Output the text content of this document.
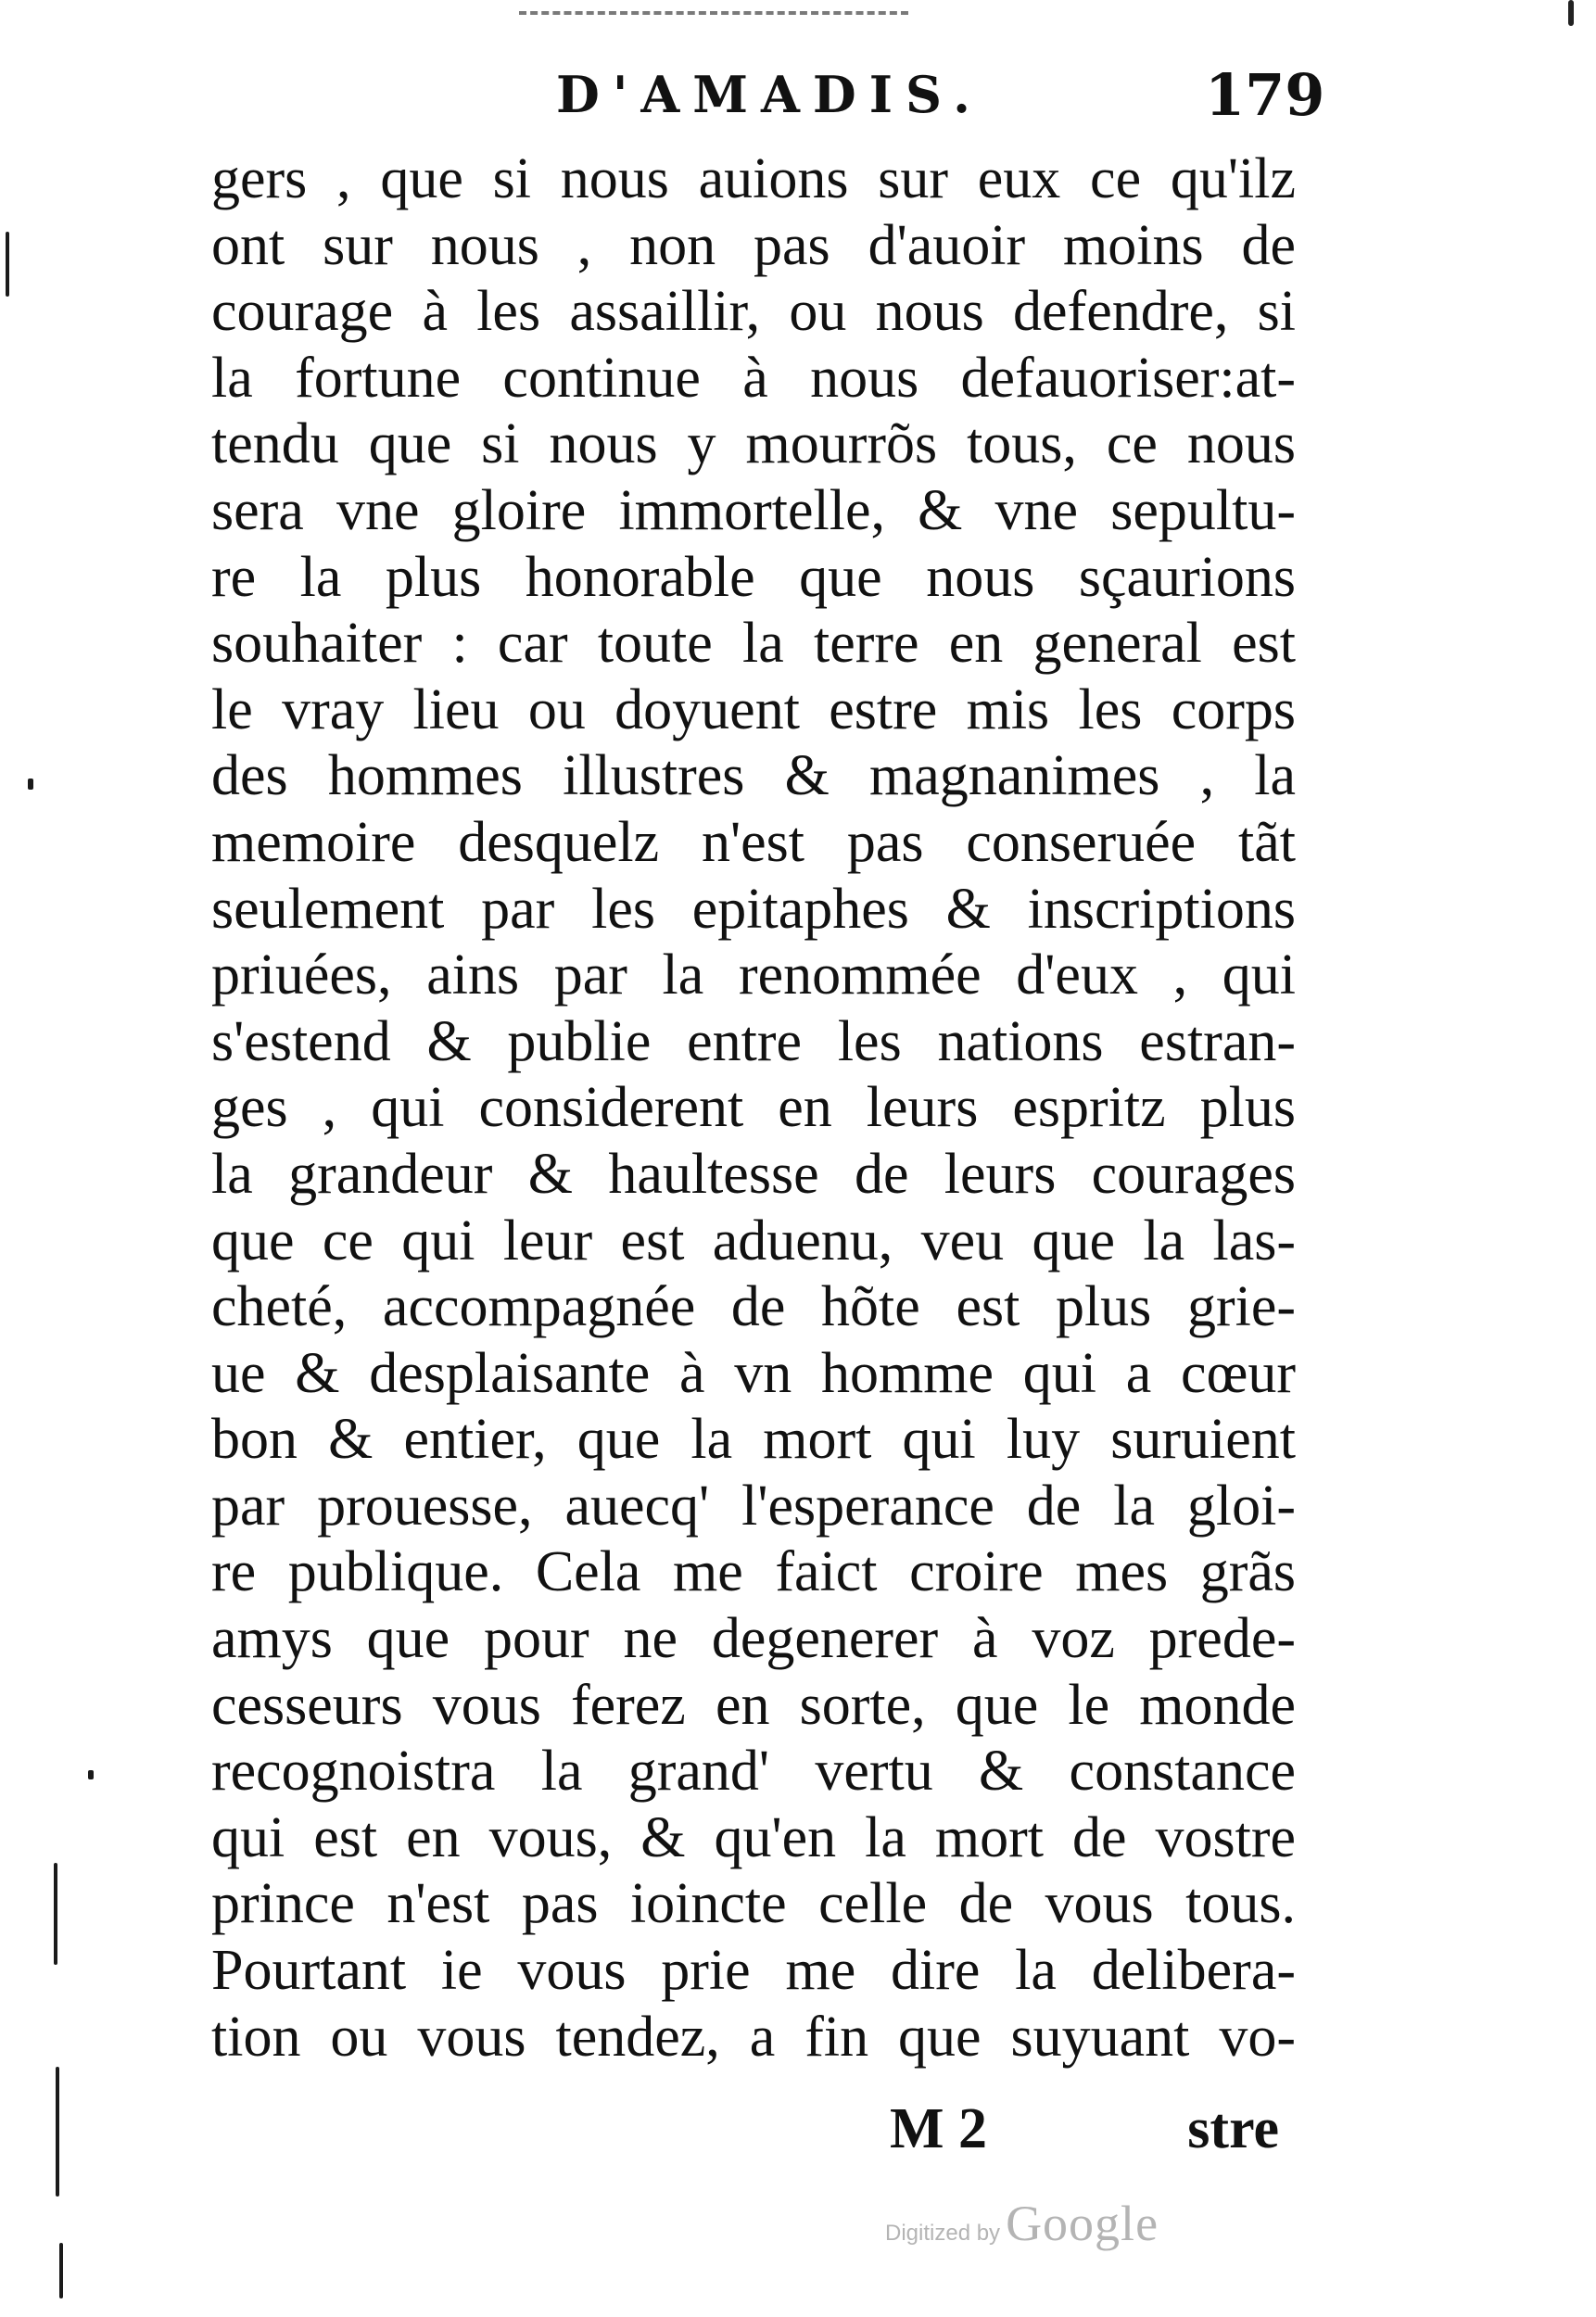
D'AMADIS.	179
gers , que si nous auions sur eux ce qu'ilz
ont sur nous , non pas d'auoir moins de
courage à les assaillir, ou nous defendre, si
la fortune continue à nous defauoriser:at-
tendu que si nous y mourrõs tous, ce nous
sera vne gloire immortelle, & vne sepultu-
re la plus honorable que nous sçaurions
souhaiter : car toute la terre en general est
le vray lieu ou doyuent estre mis les corps
des hommes illustres & magnanimes , la
memoire desquelz n'est pas conseruée tãt
seulement par les epitaphes & inscriptions
priuées, ains par la renommée d'eux , qui
s'estend & publie entre les nations estran-
ges , qui considerent en leurs espritz plus
la grandeur & haultesse de leurs courages
que ce qui leur est aduenu, veu que la las-
cheté, accompagnée de hõte est plus grie-
ue & desplaisante à vn homme qui a cœur
bon & entier, que la mort qui luy suruient
par prouesse, auecq' l'esperance de la gloi-
re publique. Cela me faict croire mes grãs
amys que pour ne degenerer à voz prede-
cesseurs vous ferez en sorte, que le monde
recognoistra la grand' vertu & constance
qui est en vous, & qu'en la mort de vostre
prince n'est pas ioincte celle de vous tous.
Pourtant ie vous prie me dire la delibera-
tion ou vous tendez, a fin que suyuant vo-
M 2	stre
Digitized by Google
